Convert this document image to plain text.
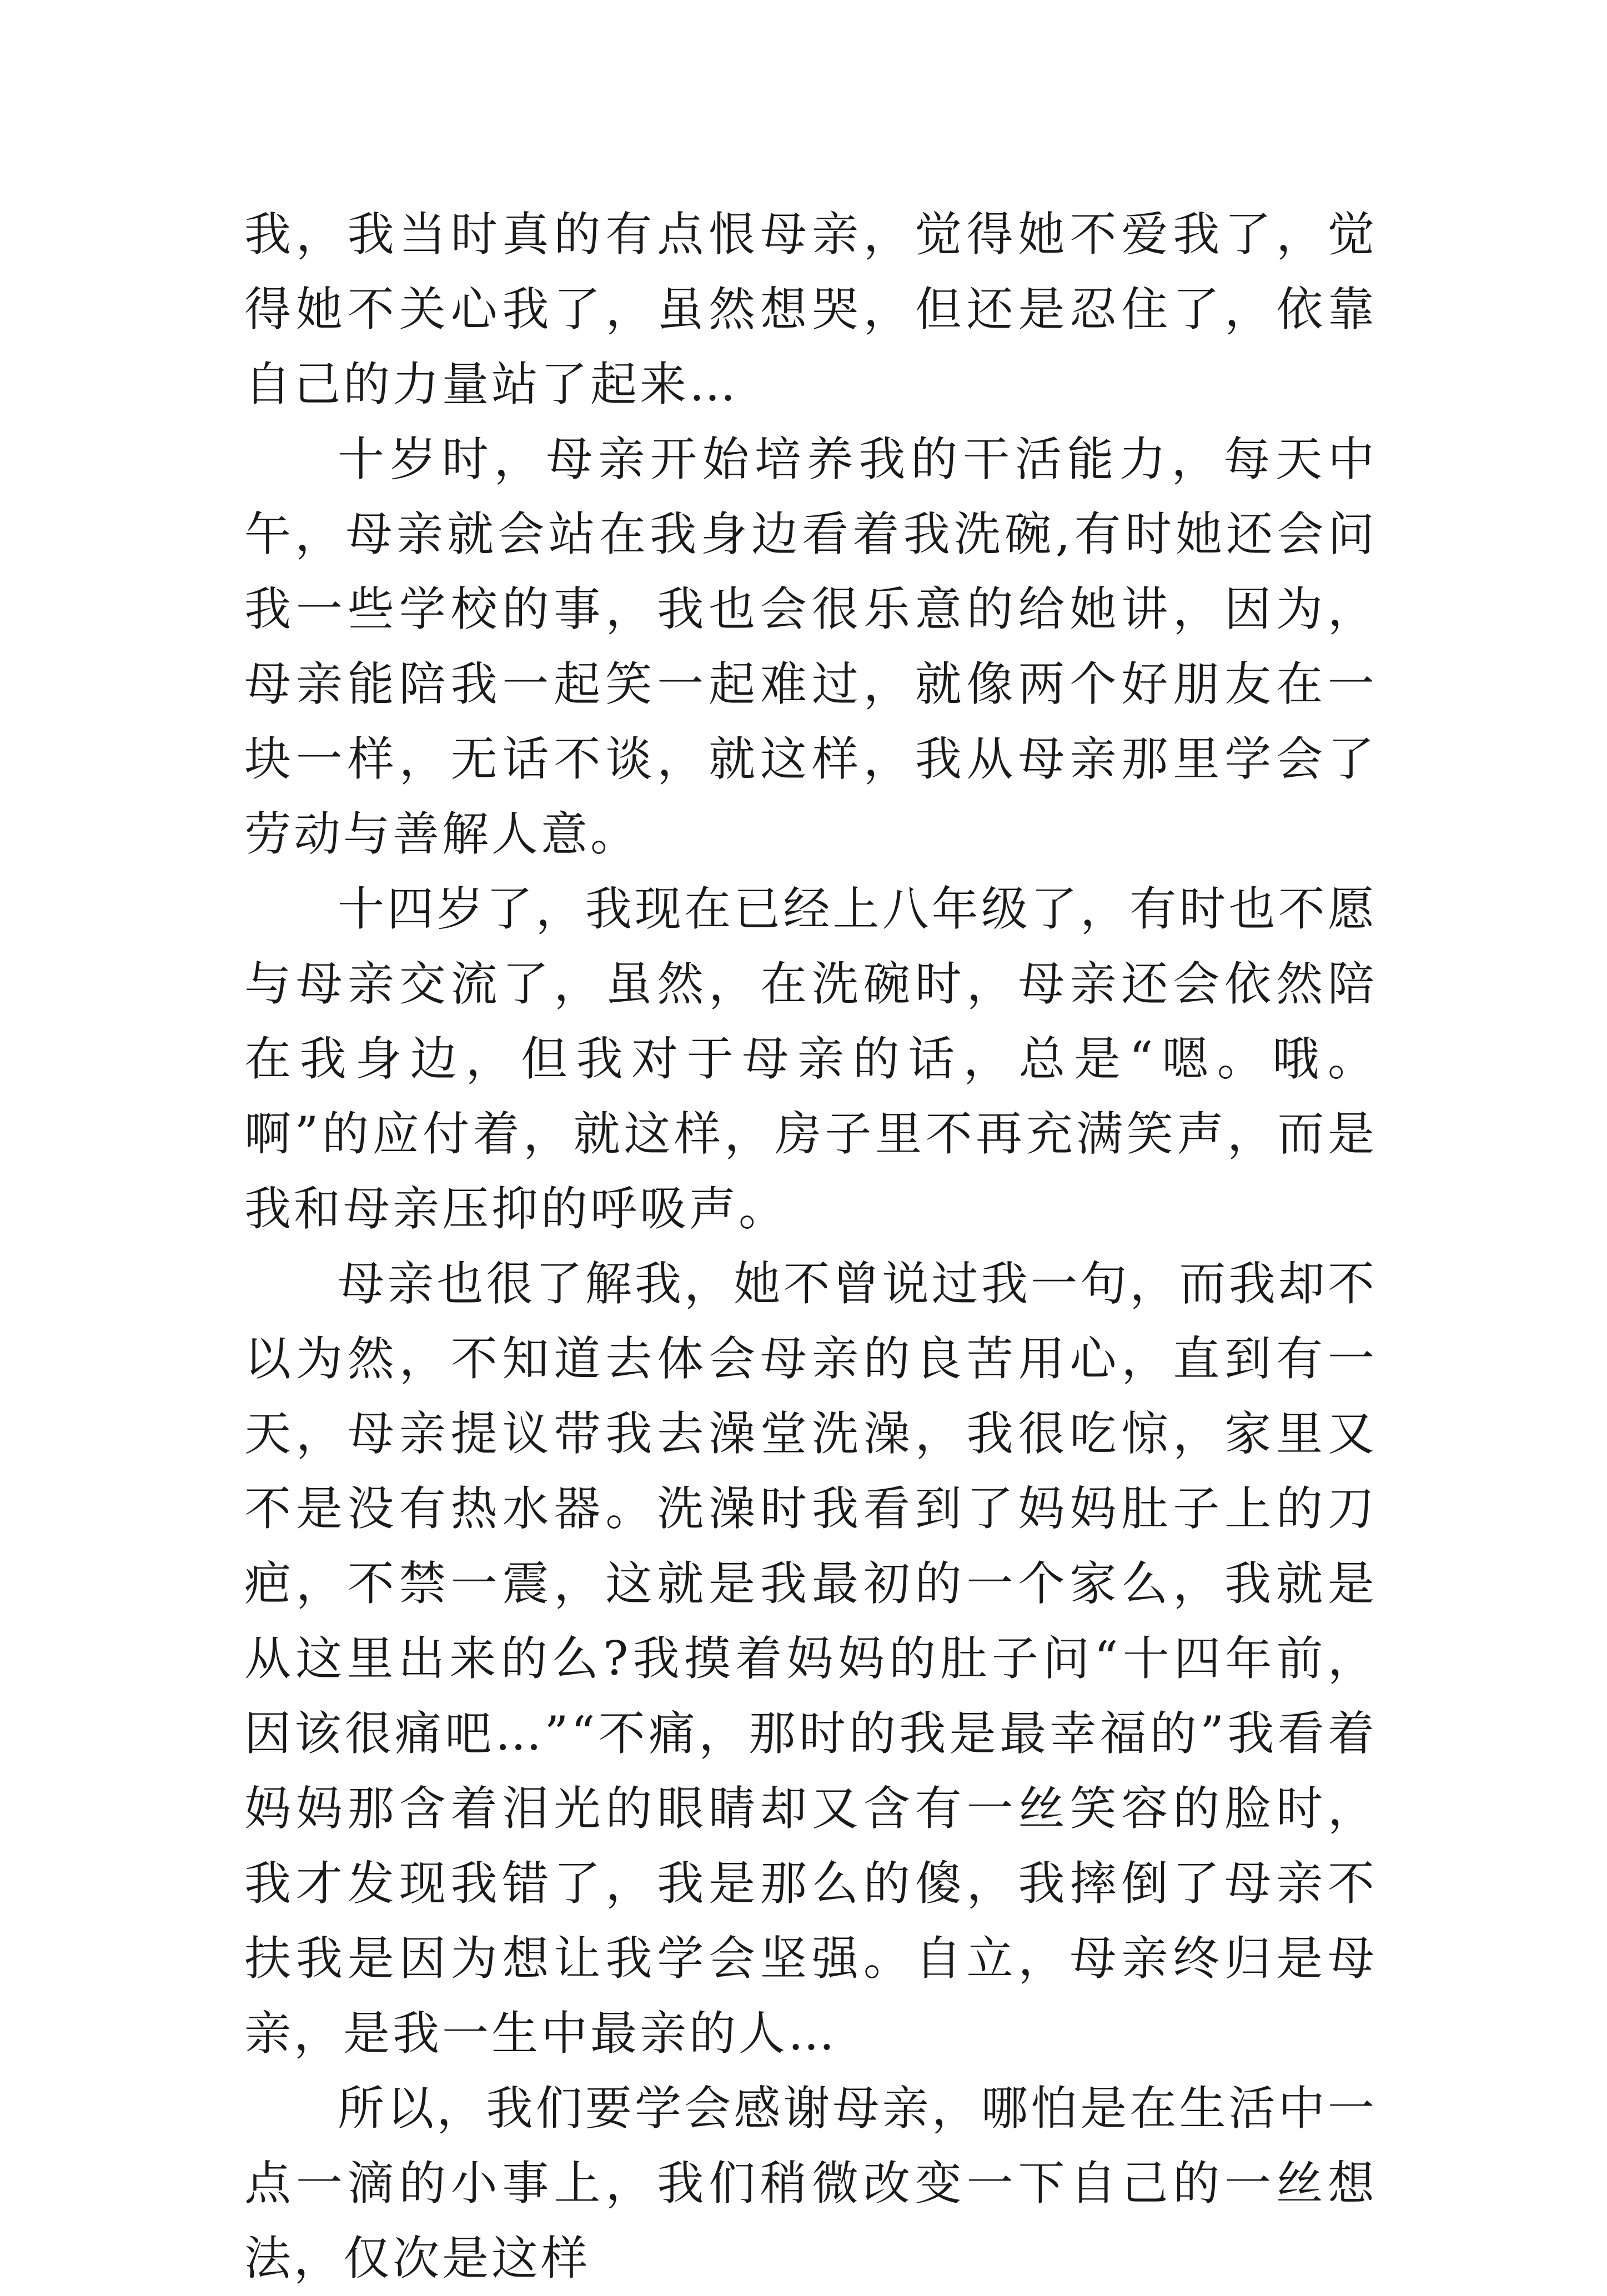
我，我当时真的有点恨母亲，觉得她不爱我了，觉得她不关心我了，虽然想哭，但还是忍住了，依靠自己的力量站了起来…

十岁时，母亲开始培养我的干活能力，每天中午，母亲就会站在我身边看着我洗碗,有时她还会问我一些学校的事，我也会很乐意的给她讲，因为，母亲能陪我一起笑一起难过，就像两个好朋友在一块一样，无话不谈，就这样，我从母亲那里学会了劳动与善解人意。

十四岁了，我现在已经上八年级了，有时也不愿与母亲交流了，虽然，在洗碗时，母亲还会依然陪在我身边，但我对于母亲的话，总是“嗯。哦。啊”的应付着，就这样，房子里不再充满笑声，而是我和母亲压抑的呼吸声。

母亲也很了解我，她不曾说过我一句，而我却不以为然，不知道去体会母亲的良苦用心，直到有一天，母亲提议带我去澡堂洗澡，我很吃惊，家里又不是没有热水器。洗澡时我看到了妈妈肚子上的刀疤，不禁一震，这就是我最初的一个家么，我就是从这里出来的么?我摸着妈妈的肚子问“十四年前，因该很痛吧…”“不痛，那时的我是最幸福的”我看着妈妈那含着泪光的眼睛却又含有一丝笑容的脸时，我才发现我错了，我是那么的傻，我摔倒了母亲不扶我是因为想让我学会坚强。自立，母亲终归是母亲，是我一生中最亲的人…

所以，我们要学会感谢母亲，哪怕是在生活中一点一滴的小事上，我们稍微改变一下自己的一丝想法，仅次是这样
